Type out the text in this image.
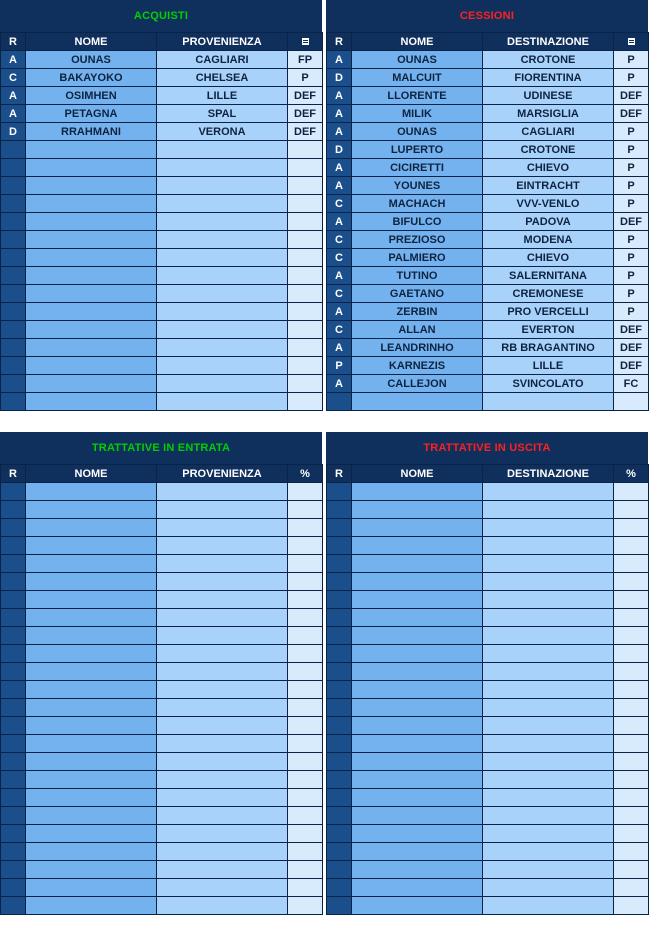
ACQUISTI
R	NOME	PROVENIENZA	
A	OUNAS	CAGLIARI	FP
C	BAKAYOKO	CHELSEA	P
A	OSIMHEN	LILLE	DEF
A	PETAGNA	SPAL	DEF
D	RRAHMANI	VERONA	DEF

CESSIONI
R	NOME	DESTINAZIONE	
A	OUNAS	CROTONE	P
D	MALCUIT	FIORENTINA	P
A	LLORENTE	UDINESE	DEF
A	MILIK	MARSIGLIA	DEF
A	OUNAS	CAGLIARI	P
D	LUPERTO	CROTONE	P
A	CICIRETTI	CHIEVO	P
A	YOUNES	EINTRACHT	P
C	MACHACH	VVV-VENLO	P
A	BIFULCO	PADOVA	DEF
C	PREZIOSO	MODENA	P
C	PALMIERO	CHIEVO	P
A	TUTINO	SALERNITANA	P
C	GAETANO	CREMONESE	P
A	ZERBIN	PRO VERCELLI	P
C	ALLAN	EVERTON	DEF
A	LEANDRINHO	RB BRAGANTINO	DEF
P	KARNEZIS	LILLE	DEF
A	CALLEJON	SVINCOLATO	FC

TRATTATIVE IN ENTRATA
R	NOME	PROVENIENZA	%

TRATTATIVE IN USCITA
R	NOME	DESTINAZIONE	%
